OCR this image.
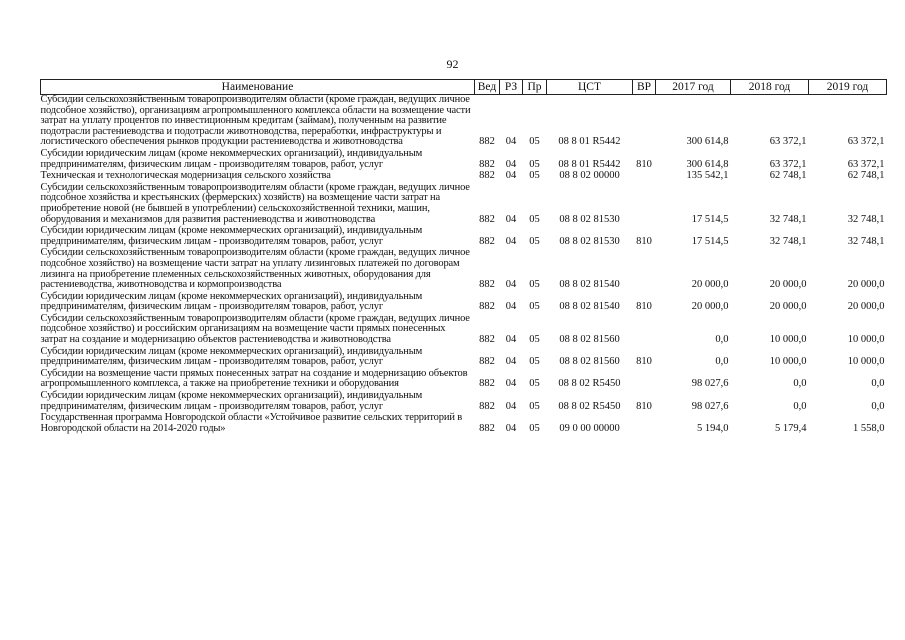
92
Наименование	Вед	РЗ	Пр	ЦСТ	ВР	2017 год	2018 год	2019 год
Субсидии сельскохозяйственным товаропроизводителям области (кроме граждан, ведущих личное подсобное хозяйство), организациям агропромышленного комплекса области на возмещение части затрат на уплату процентов по инвестиционным кредитам (займам), полученным на развитие подотрасли растениеводства и подотрасли животноводства, переработки, инфраструктуры и логистического обеспечения рынков продукции растениеводства и животноводства	882	04	05	08 8 01 R5442		300 614,8	63 372,1	63 372,1
Субсидии юридическим лицам (кроме некоммерческих организаций), индивидуальным предпринимателям, физическим лицам - производителям товаров, работ, услуг	882	04	05	08 8 01 R5442	810	300 614,8	63 372,1	63 372,1
Техническая и технологическая модернизация сельского хозяйства	882	04	05	08 8 02 00000		135 542,1	62 748,1	62 748,1
Субсидии сельскохозяйственным товаропроизводителям области (кроме граждан, ведущих личное подсобное хозяйства и крестьянских (фермерских) хозяйств) на возмещение части затрат на приобретение новой (не бывшей в употреблении) сельскохозяйственной техники, машин, оборудования и механизмов для развития растениеводства и животноводства	882	04	05	08 8 02 81530		17 514,5	32 748,1	32 748,1
Субсидии юридическим лицам (кроме некоммерческих организаций), индивидуальным предпринимателям, физическим лицам - производителям товаров, работ, услуг	882	04	05	08 8 02 81530	810	17 514,5	32 748,1	32 748,1
Субсидии сельскохозяйственным товаропроизводителям области (кроме граждан, ведущих личное подсобное хозяйство) на возмещение части затрат на уплату лизинговых платежей по договорам лизинга на приобретение племенных сельскохозяйственных животных, оборудования для растениеводства, животноводства и кормопроизводства	882	04	05	08 8 02 81540		20 000,0	20 000,0	20 000,0
Субсидии юридическим лицам (кроме некоммерческих организаций), индивидуальным предпринимателям, физическим лицам - производителям товаров, работ, услуг	882	04	05	08 8 02 81540	810	20 000,0	20 000,0	20 000,0
Субсидии сельскохозяйственным товаропроизводителям области (кроме граждан, ведущих личное подсобное хозяйство) и российским организациям на возмещение части прямых понесенных затрат на создание и модернизацию объектов растениеводства и животноводства	882	04	05	08 8 02 81560		0,0	10 000,0	10 000,0
Субсидии юридическим лицам (кроме некоммерческих организаций), индивидуальным предпринимателям, физическим лицам - производителям товаров, работ, услуг	882	04	05	08 8 02 81560	810	0,0	10 000,0	10 000,0
Субсидии на возмещение части прямых понесенных затрат на создание и модернизацию объектов агропромышленного комплекса, а также на приобретение техники и оборудования	882	04	05	08 8 02 R5450		98 027,6	0,0	0,0
Субсидии юридическим лицам (кроме некоммерческих организаций), индивидуальным предпринимателям, физическим лицам - производителям товаров, работ, услуг	882	04	05	08 8 02 R5450	810	98 027,6	0,0	0,0
Государственная программа Новгородской области «Устойчивое развитие сельских территорий в Новгородской области на 2014-2020 годы»	882	04	05	09 0 00 00000		5 194,0	5 179,4	1 558,0
